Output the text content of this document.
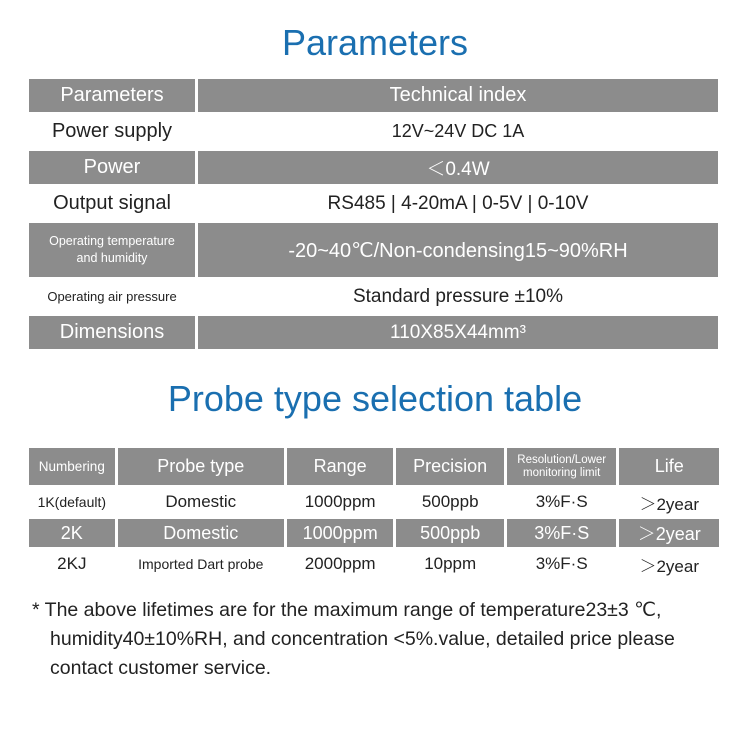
Parameters
Parameters	Technical index
Power supply	12V~24V DC 1A
Power	＜0.4W
Output signal	RS485 | 4-20mA | 0-5V | 0-10V
Operating temperature
and humidity	-20~40℃/Non-condensing15~90%RH
Operating air pressure	Standard pressure ±10%
Dimensions	110X85X44mm³
Probe type selection table
Numbering	Probe type	Range	Precision	Resolution/Lower
monitoring limit	Life
1K(default)	Domestic	1000ppm	500ppb	3%F·S	＞2year
2K	Domestic	1000ppm	500ppb	3%F·S	＞2year
2KJ	Imported Dart probe	2000ppm	10ppm	3%F·S	＞2year
* The above lifetimes are for the maximum range of temperature23±3 ℃,
humidity40±10%RH, and concentration <5%.value, detailed price please
contact customer service.
